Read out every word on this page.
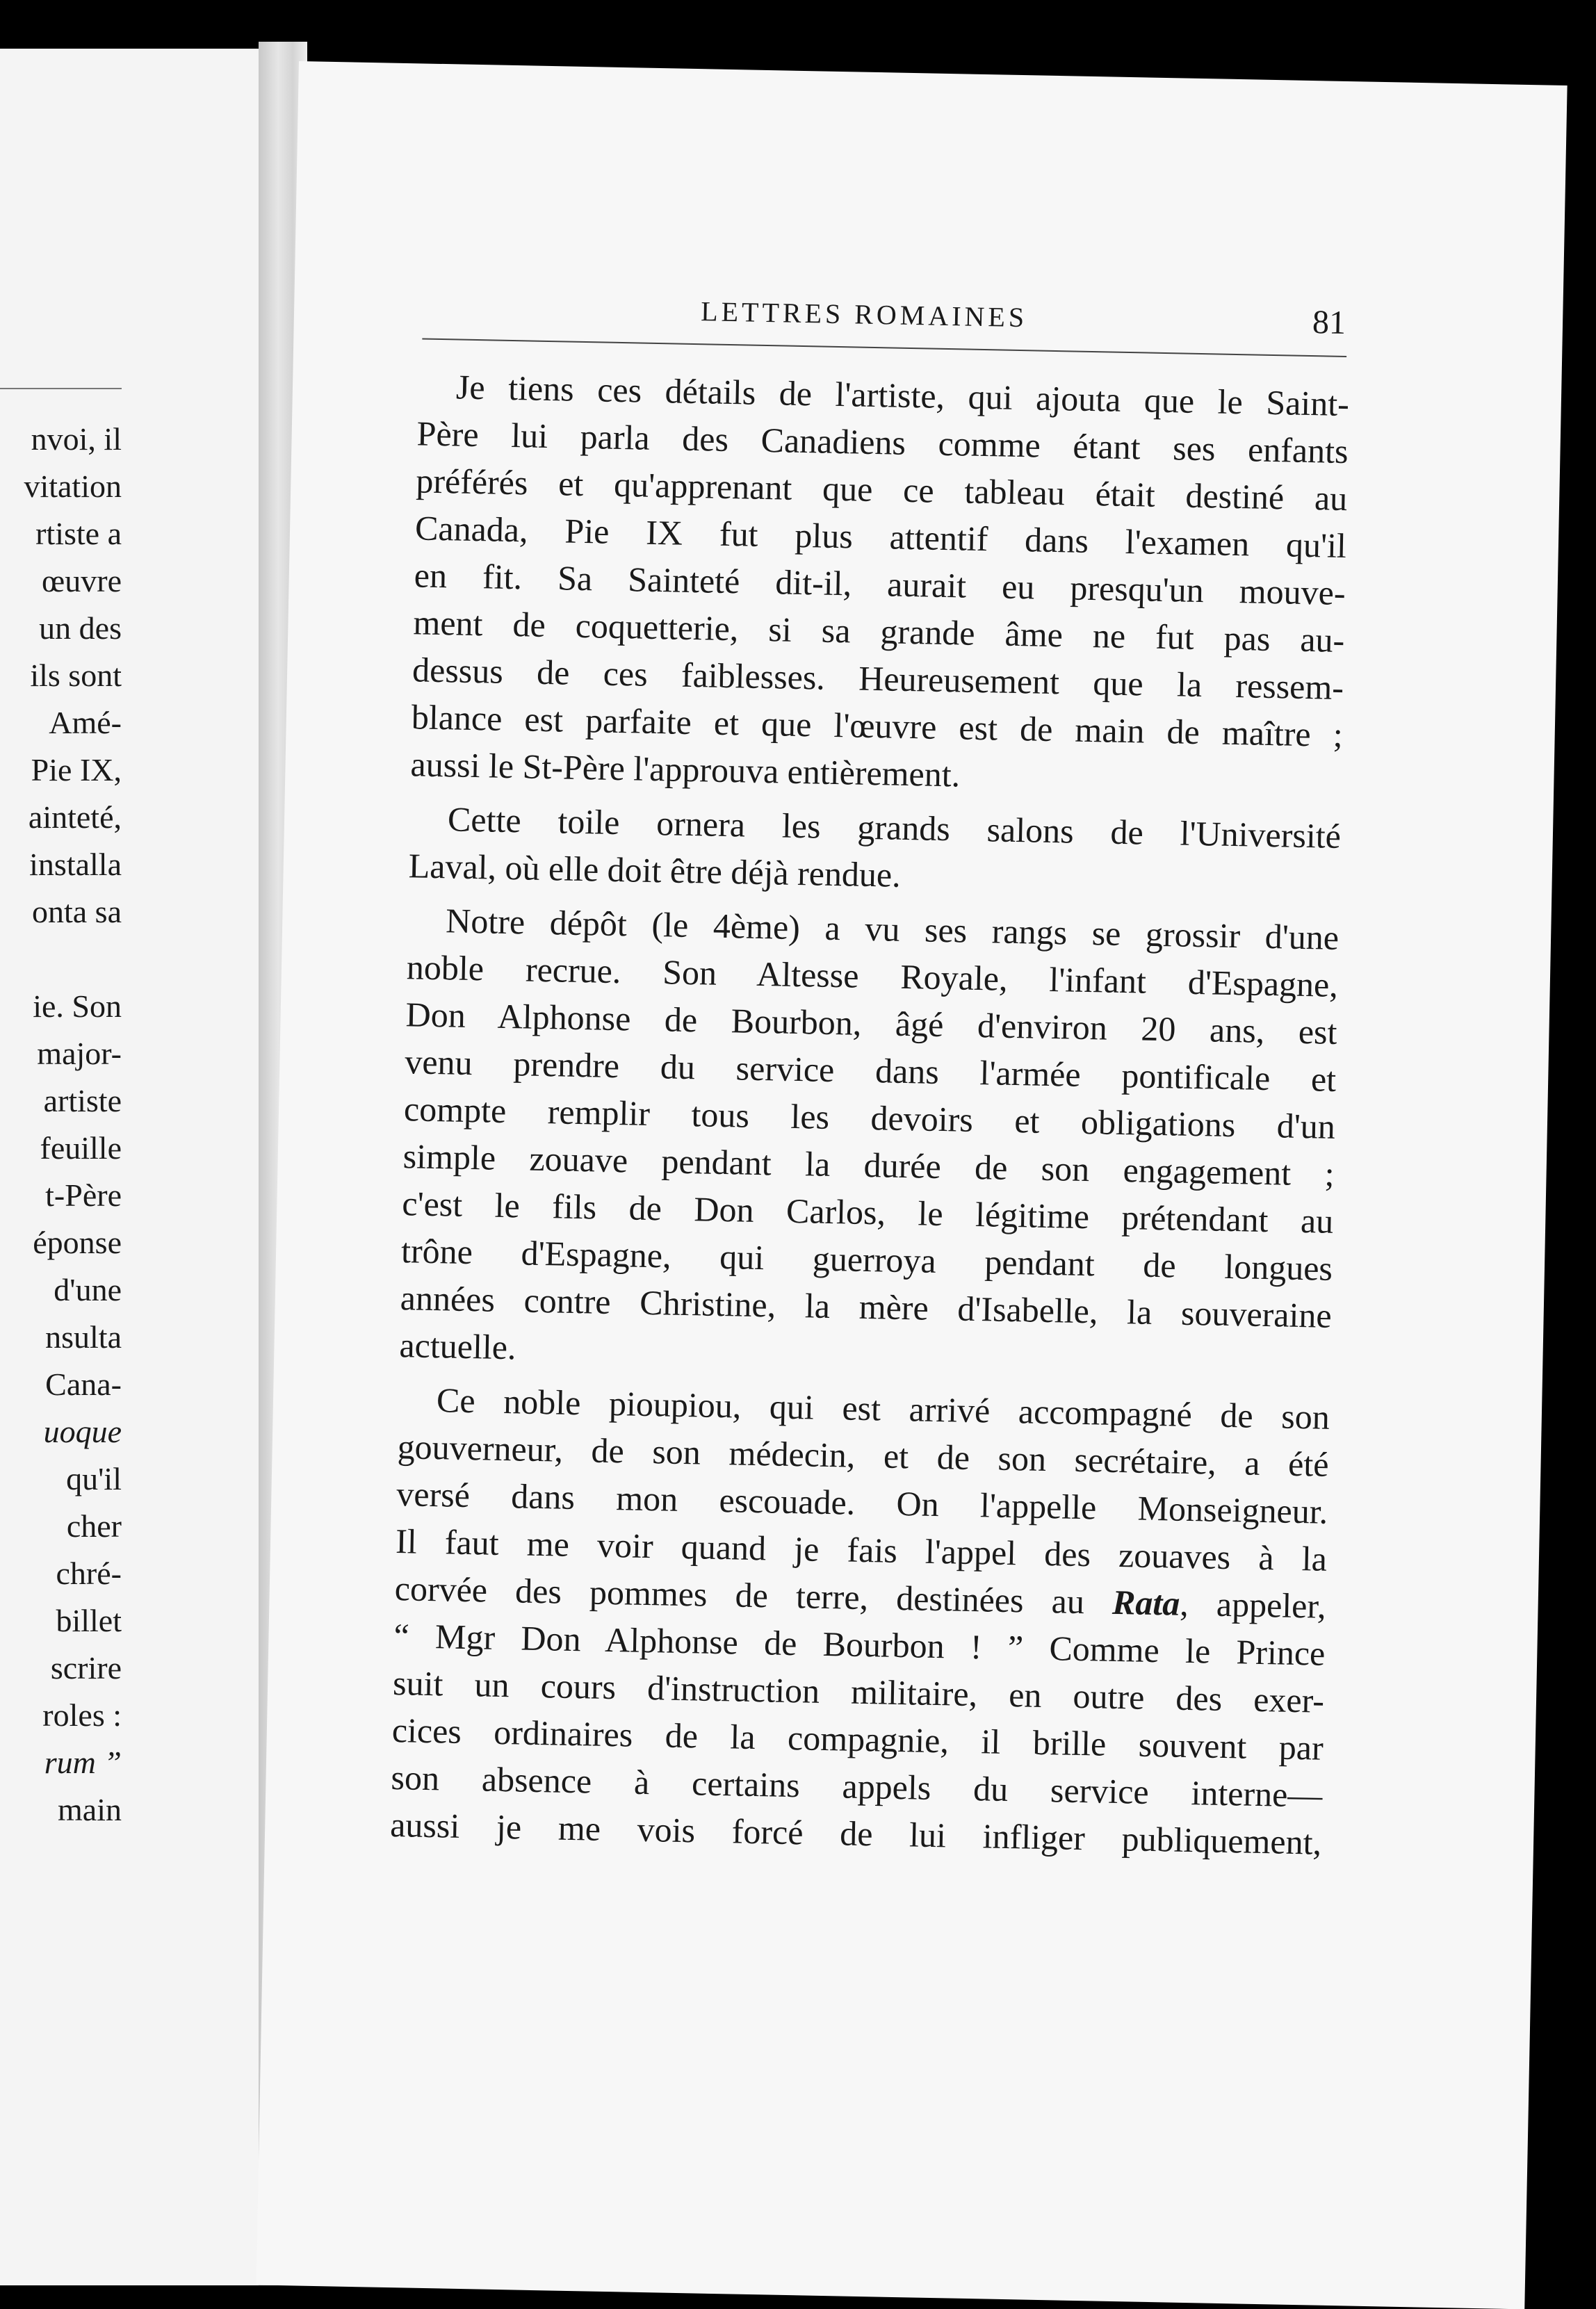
nvoi, il
vitation
rtiste a
œuvre
un des
ils sont
Amé-
Pie IX,
ainteté,
installa
onta sa
ie. Son
major-
artiste
feuille
t-Père
éponse
d'une
nsulta
Cana-
uoque
qu'il
cher
chré-
billet
scrire
roles :
rum ”
main
LETTRES ROMAINES	81
Je tiens ces détails de l'artiste, qui ajouta que le Saint-
Père lui parla des Canadiens comme étant ses enfants
préférés et qu'apprenant que ce tableau était destiné au
Canada, Pie IX fut plus attentif dans l'examen qu'il
en fit. Sa Sainteté dit-il, aurait eu presqu'un mouve-
ment de coquetterie, si sa grande âme ne fut pas au-
dessus de ces faiblesses. Heureusement que la ressem-
blance est parfaite et que l'œuvre est de main de maître ;
aussi le St-Père l'approuva entièrement.
Cette toile ornera les grands salons de l'Université
Laval, où elle doit être déjà rendue.
Notre dépôt (le 4ème) a vu ses rangs se grossir d'une
noble recrue. Son Altesse Royale, l'infant d'Espagne,
Don Alphonse de Bourbon, âgé d'environ 20 ans, est
venu prendre du service dans l'armée pontificale et
compte remplir tous les devoirs et obligations d'un
simple zouave pendant la durée de son engagement ;
c'est le fils de Don Carlos, le légitime prétendant au
trône d'Espagne, qui guerroya pendant de longues
années contre Christine, la mère d'Isabelle, la souveraine
actuelle.
Ce noble pioupiou, qui est arrivé accompagné de son
gouverneur, de son médecin, et de son secrétaire, a été
versé dans mon escouade. On l'appelle Monseigneur.
Il faut me voir quand je fais l'appel des zouaves à la
corvée des pommes de terre, destinées au Rata, appeler,
“ Mgr Don Alphonse de Bourbon ! ” Comme le Prince
suit un cours d'instruction militaire, en outre des exer-
cices ordinaires de la compagnie, il brille souvent par
son absence à certains appels du service interne—
aussi je me vois forcé de lui infliger publiquement,
